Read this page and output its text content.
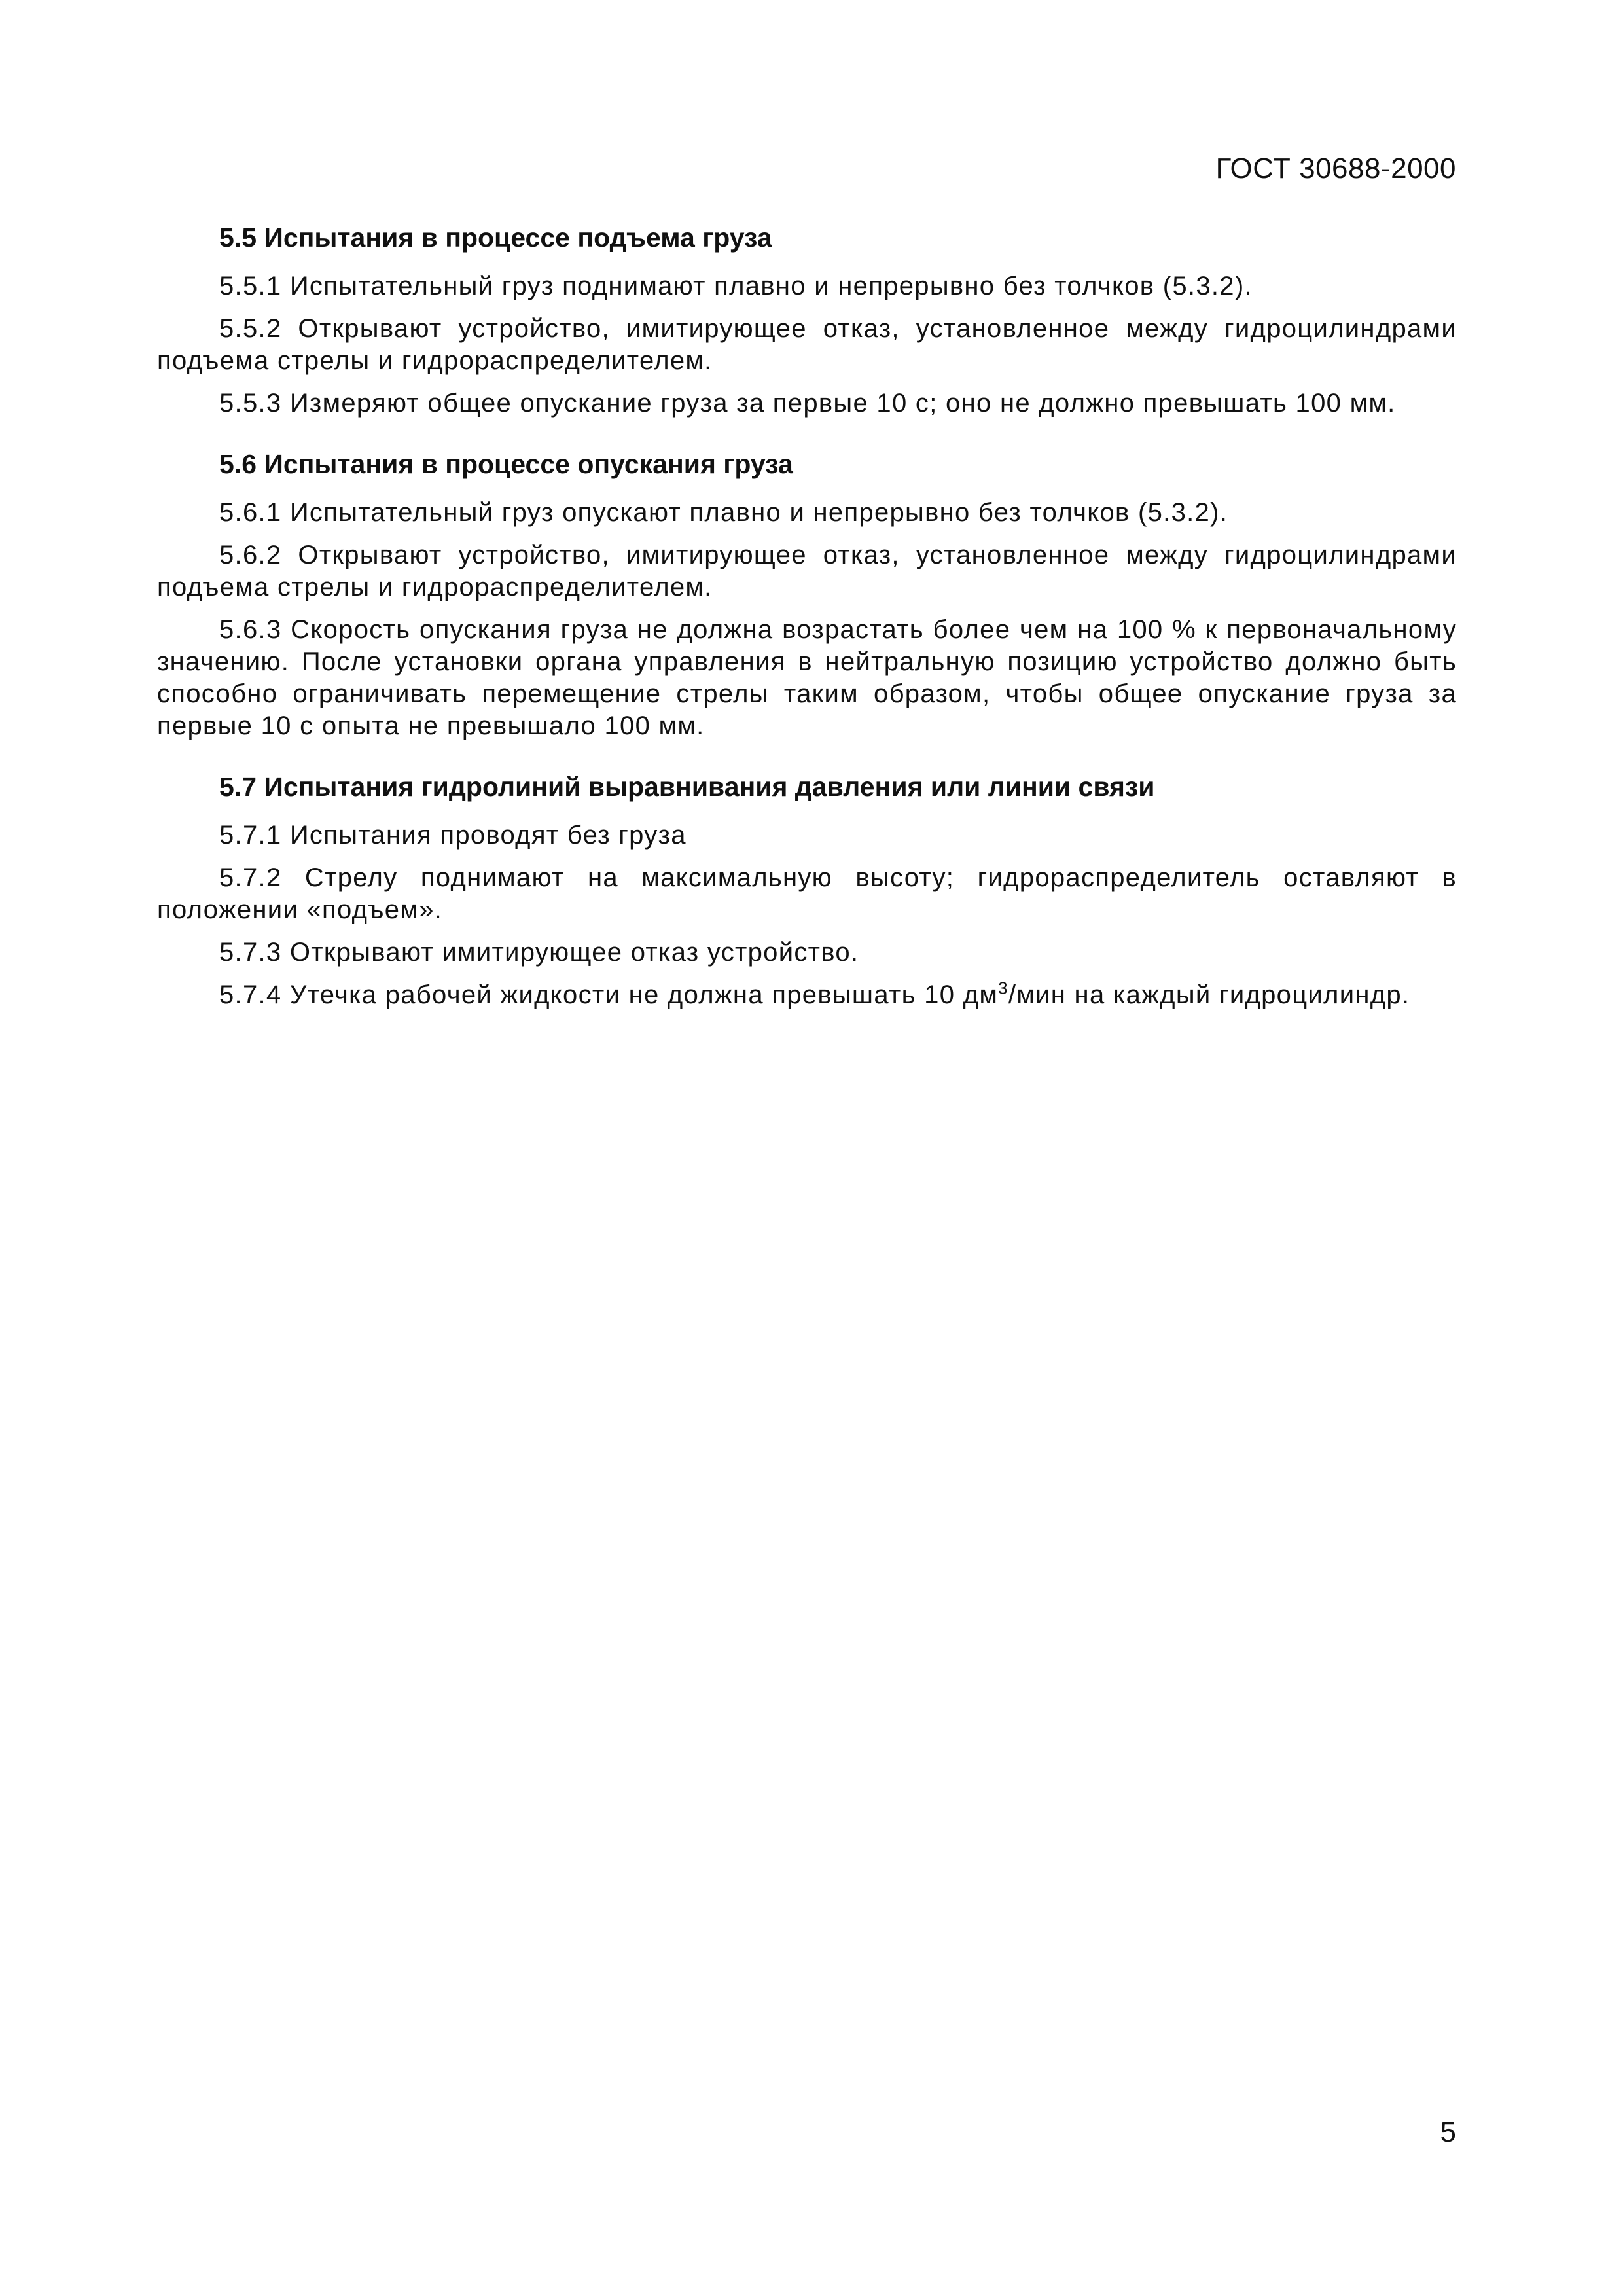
ГОСТ 30688-2000
5.5 Испытания в процессе подъема груза

5.5.1 Испытательный груз поднимают плавно и непрерывно без толчков (5.3.2).

5.5.2 Открывают устройство, имитирующее отказ, установленное между гидроцилиндрами подъема стрелы и гидрораспределителем.

5.5.3 Измеряют общее опускание груза за первые 10 с; оно не должно превышать 100 мм.

5.6 Испытания в процессе опускания груза

5.6.1 Испытательный груз опускают плавно и непрерывно без толчков (5.3.2).

5.6.2 Открывают устройство, имитирующее отказ, установленное между гидроцилиндрами подъема стрелы и гидрораспределителем.

5.6.3 Скорость опускания груза не должна возрастать более чем на 100 % к первоначальному значению. После установки органа управления в нейтральную позицию устройство должно быть способно ограничивать перемещение стрелы таким образом, чтобы общее опускание груза за первые 10 с опыта не превышало 100 мм.

5.7 Испытания гидролиний выравнивания давления или линии связи

5.7.1 Испытания проводят без груза

5.7.2 Стрелу поднимают на максимальную высоту; гидрораспределитель оставляют в положении «подъем».

5.7.3 Открывают имитирующее отказ устройство.

5.7.4 Утечка рабочей жидкости не должна превышать 10 $дм^3$/мин на каждый гидроцилиндр.

5
